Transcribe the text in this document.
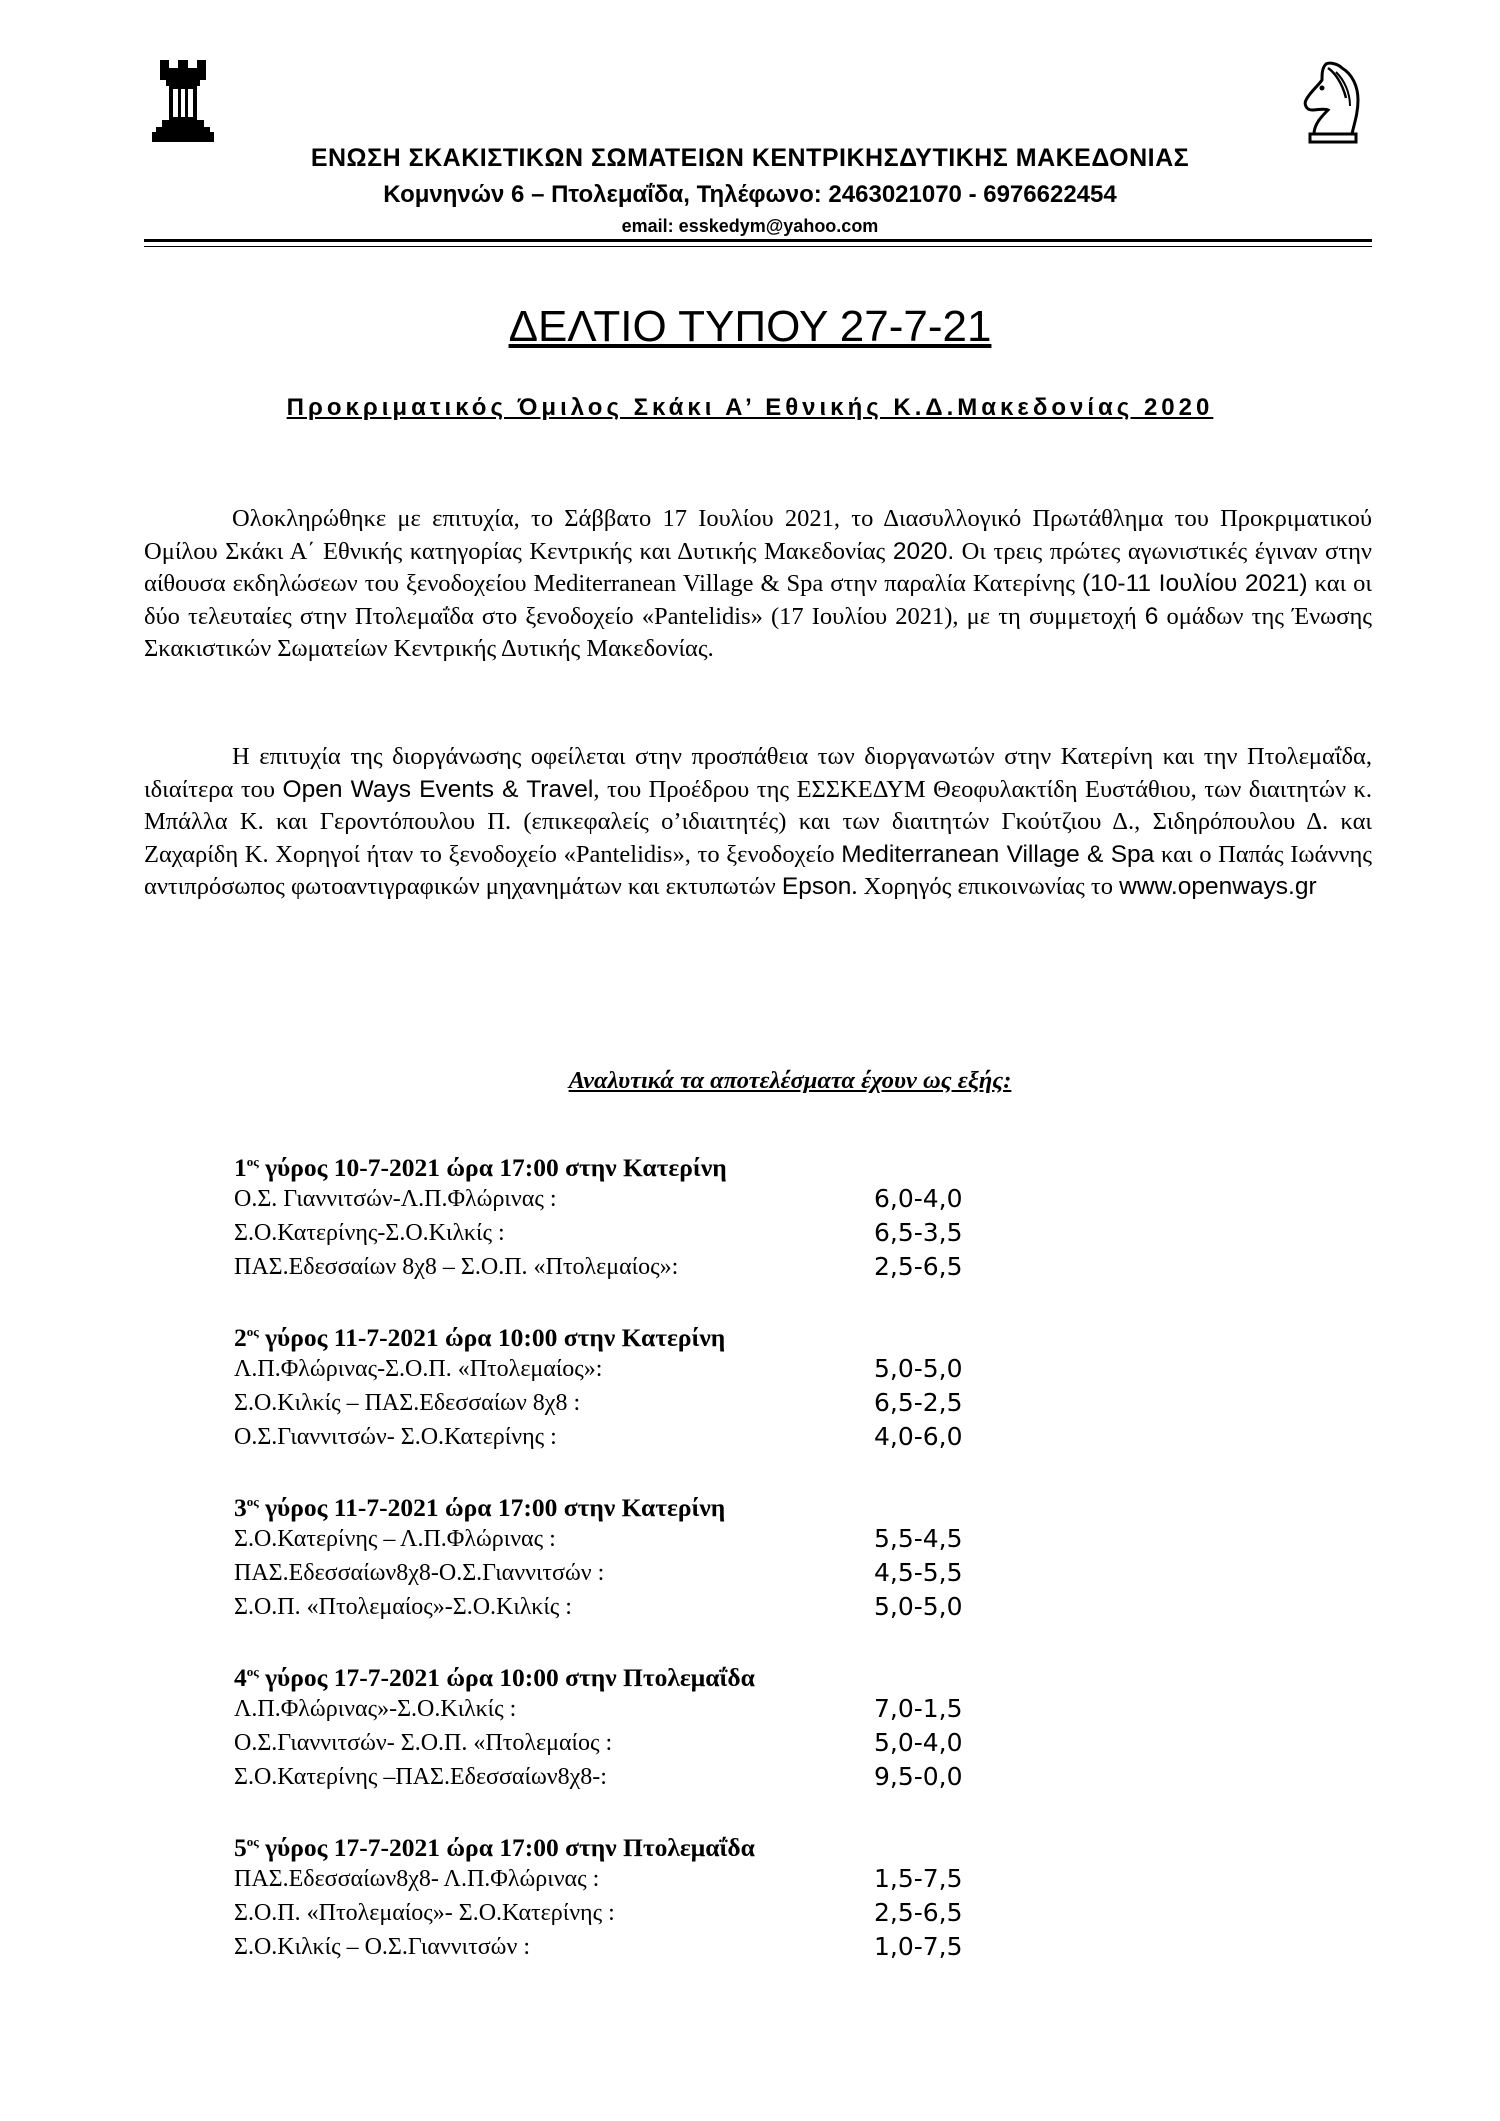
ΕΝΩΣΗ ΣΚΑΚΙΣΤΙΚΩΝ ΣΩΜΑΤΕΙΩΝ ΚΕΝΤΡΙΚΗΣΔΥΤΙΚΗΣ ΜΑΚΕΔΟΝΙΑΣ
Κομνηνών 6 – Πτολεμαΐδα, Τηλέφωνο: 2463021070 - 6976622454
email: esskedym@yahoo.com
ΔΕΛΤΙΟ ΤΥΠΟΥ 27-7-21
Προκριματικός Όμιλος Σκάκι Α’ Εθνικής Κ.Δ.Μακεδονίας 2020

Ολοκληρώθηκε με επιτυχία, το Σάββατο 17 Ιουλίου 2021, το Διασυλλογικό Πρωτάθλημα του Προκριματικού Ομίλου Σκάκι Α΄ Εθνικής κατηγορίας Κεντρικής και Δυτικής Μακεδονίας 2020. Οι τρεις πρώτες αγωνιστικές έγιναν στην αίθουσα εκδηλώσεων του ξενοδοχείου Mediterranean Village & Spa στην παραλία Κατερίνης (10-11 Ιουλίου 2021) και οι δύο τελευταίες στην Πτολεμαΐδα στο ξενοδοχείο «Pantelidis» (17 Ιουλίου 2021), με τη συμμετοχή 6 ομάδων της Ένωσης Σκακιστικών Σωματείων Κεντρικής Δυτικής Μακεδονίας.

Η επιτυχία της διοργάνωσης οφείλεται στην προσπάθεια των διοργανωτών στην Κατερίνη και την Πτολεμαΐδα, ιδιαίτερα του Open Ways Events & Travel, του Προέδρου της ΕΣΣΚΕΔΥΜ Θεοφυλακτίδη Ευστάθιου, των διαιτητών κ. Μπάλλα Κ. και Γεροντόπουλου Π. (επικεφαλείς ο’ιδιαιτητές) και των διαιτητών Γκούτζιου Δ., Σιδηρόπουλου Δ. και Ζαχαρίδη Κ. Χορηγοί ήταν το ξενοδοχείο «Pantelidis», το ξενοδοχείο Mediterranean Village & Spa και ο Παπάς Ιωάννης αντιπρόσωπος φωτοαντιγραφικών μηχανημάτων και εκτυπωτών Epson. Χορηγός επικοινωνίας το www.openways.gr

Αναλυτικά τα αποτελέσματα έχουν ως εξής:
$1^{o\varsigma}$ γύρος 10-7-2021 ώρα 17:00 στην Κατερίνη
Ο.Σ. Γιαννιτσών-Λ.Π.Φλώρινας :	6,0-4,0
Σ.Ο.Κατερίνης-Σ.Ο.Κιλκίς :	6,5-3,5
ΠΑΣ.Εδεσσαίων 8χ8 – Σ.Ο.Π. «Πτολεμαίος»:	2,5-6,5
$2^{o\varsigma}$ γύρος 11-7-2021 ώρα 10:00 στην Κατερίνη
Λ.Π.Φλώρινας-Σ.Ο.Π. «Πτολεμαίος»:	5,0-5,0
Σ.Ο.Κιλκίς – ΠΑΣ.Εδεσσαίων 8χ8 :	6,5-2,5
Ο.Σ.Γιαννιτσών- Σ.Ο.Κατερίνης :	4,0-6,0
$3^{o\varsigma}$ γύρος 11-7-2021 ώρα 17:00 στην Κατερίνη
Σ.Ο.Κατερίνης – Λ.Π.Φλώρινας :	5,5-4,5
ΠΑΣ.Εδεσσαίων8χ8-Ο.Σ.Γιαννιτσών :	4,5-5,5
Σ.Ο.Π. «Πτολεμαίος»-Σ.Ο.Κιλκίς :	5,0-5,0
$4^{o\varsigma}$ γύρος 17-7-2021 ώρα 10:00 στην Πτολεμαΐδα
Λ.Π.Φλώρινας»-Σ.Ο.Κιλκίς :	7,0-1,5
Ο.Σ.Γιαννιτσών- Σ.Ο.Π. «Πτολεμαίος :	5,0-4,0
Σ.Ο.Κατερίνης –ΠΑΣ.Εδεσσαίων8χ8-:	9,5-0,0
$5^{o\varsigma}$ γύρος 17-7-2021 ώρα 17:00 στην Πτολεμαΐδα
ΠΑΣ.Εδεσσαίων8χ8- Λ.Π.Φλώρινας :	1,5-7,5
Σ.Ο.Π. «Πτολεμαίος»- Σ.Ο.Κατερίνης :	2,5-6,5
Σ.Ο.Κιλκίς – Ο.Σ.Γιαννιτσών :	1,0-7,5
